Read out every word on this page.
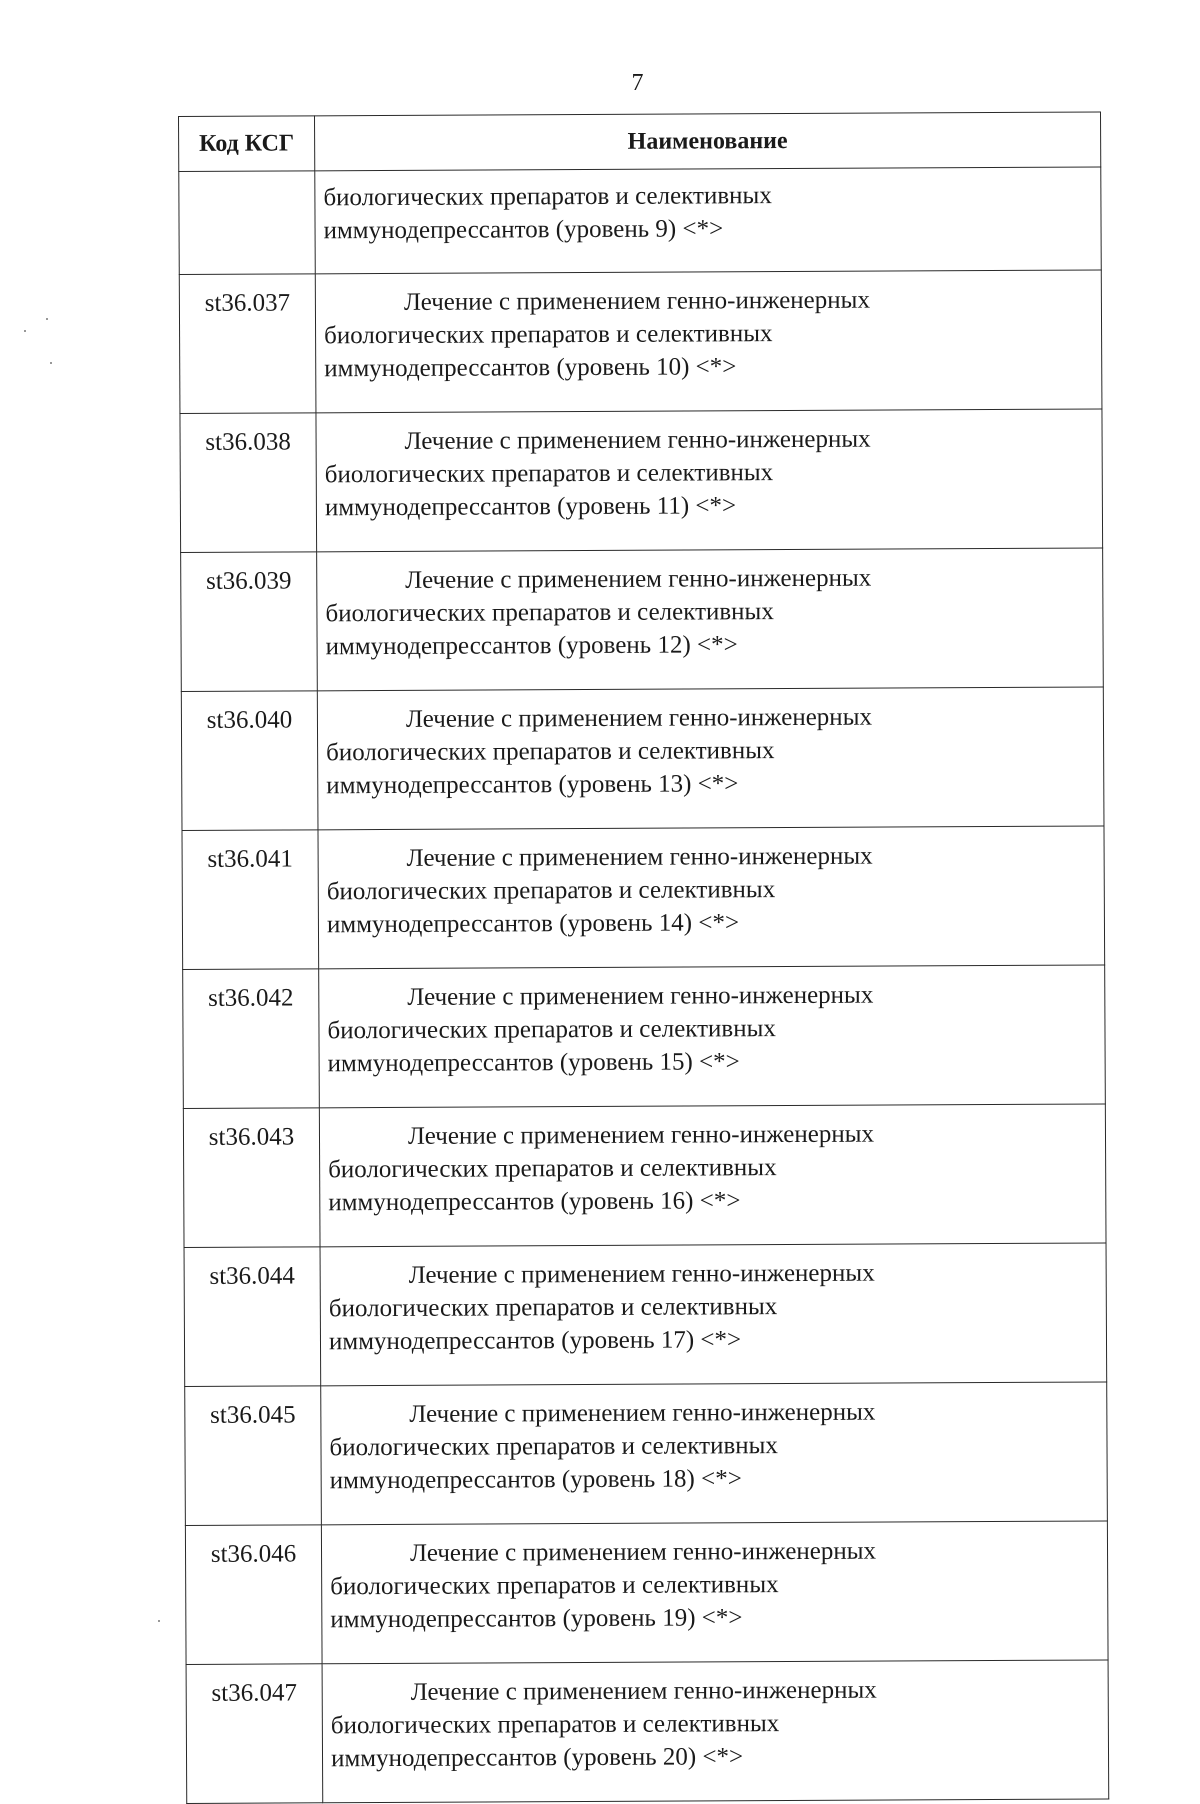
7
Код КСГ	Наименование

	биологических препаратов и селективных
иммунодепрессантов (уровень 9) <*>

st36.037	Лечение с применением генно-инженерных
биологических препаратов и селективных
иммунодепрессантов (уровень 10) <*>

st36.038	Лечение с применением генно-инженерных
биологических препаратов и селективных
иммунодепрессантов (уровень 11) <*>

st36.039	Лечение с применением генно-инженерных
биологических препаратов и селективных
иммунодепрессантов (уровень 12) <*>

st36.040	Лечение с применением генно-инженерных
биологических препаратов и селективных
иммунодепрессантов (уровень 13) <*>

st36.041	Лечение с применением генно-инженерных
биологических препаратов и селективных
иммунодепрессантов (уровень 14) <*>

st36.042	Лечение с применением генно-инженерных
биологических препаратов и селективных
иммунодепрессантов (уровень 15) <*>

st36.043	Лечение с применением генно-инженерных
биологических препаратов и селективных
иммунодепрессантов (уровень 16) <*>

st36.044	Лечение с применением генно-инженерных
биологических препаратов и селективных
иммунодепрессантов (уровень 17) <*>

st36.045	Лечение с применением генно-инженерных
биологических препаратов и селективных
иммунодепрессантов (уровень 18) <*>

st36.046	Лечение с применением генно-инженерных
биологических препаратов и селективных
иммунодепрессантов (уровень 19) <*>

st36.047	Лечение с применением генно-инженерных
биологических препаратов и селективных
иммунодепрессантов (уровень 20) <*>
